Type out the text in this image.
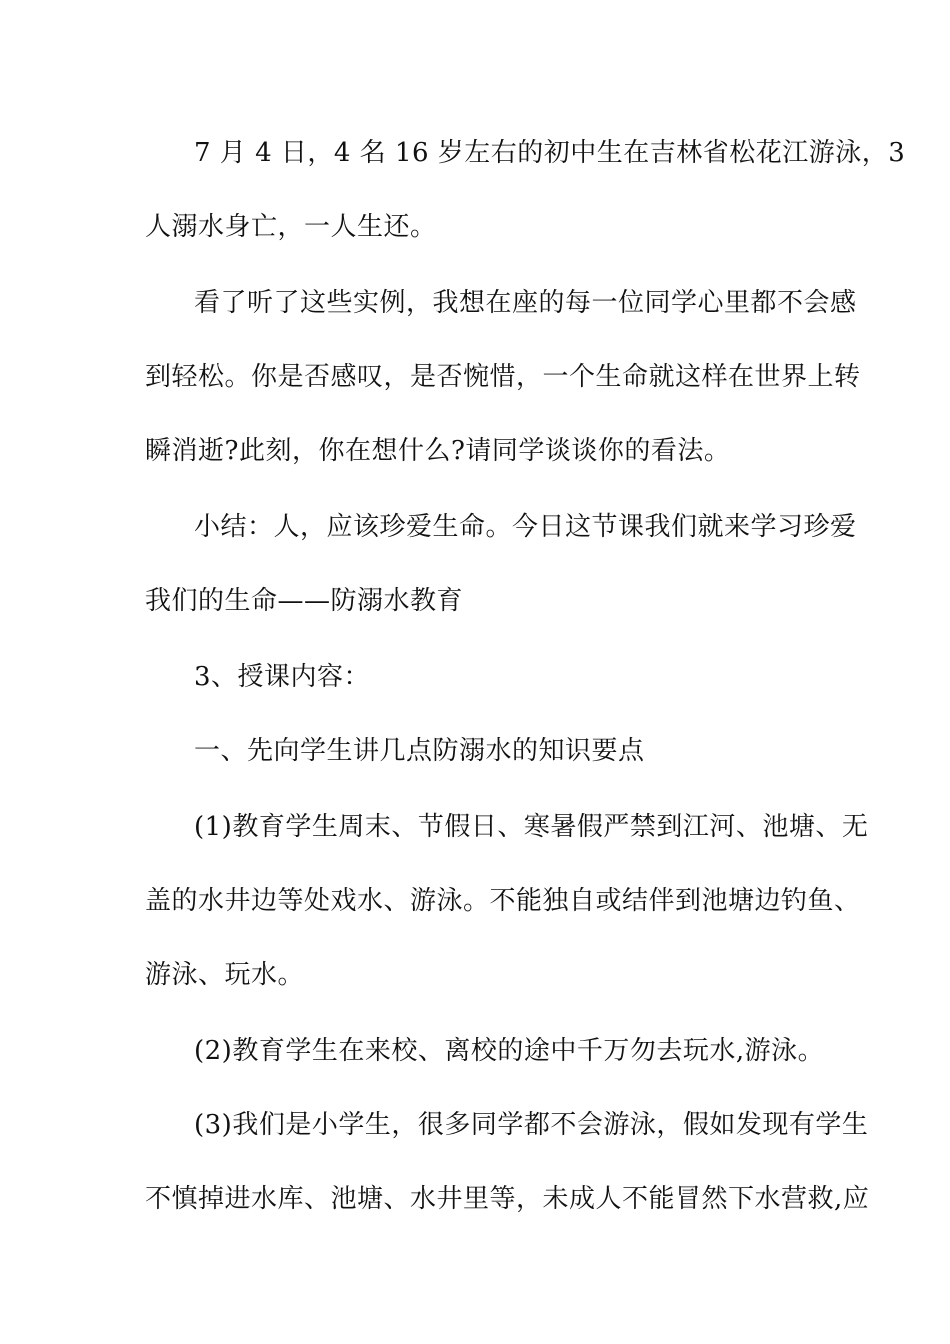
7 月 4 日，4 名 16 岁左右的初中生在吉林省松花江游泳，3
人溺水身亡，一人生还。
看了听了这些实例，我想在座的每一位同学心里都不会感
到轻松。你是否感叹，是否惋惜，一个生命就这样在世界上转
瞬消逝?此刻，你在想什么?请同学谈谈你的看法。
小结：人，应该珍爱生命。今日这节课我们就来学习珍爱
我们的生命——防溺水教育
3、授课内容：
一、先向学生讲几点防溺水的知识要点
(1)教育学生周末、节假日、寒暑假严禁到江河、池塘、无
盖的水井边等处戏水、游泳。不能独自或结伴到池塘边钓鱼、
游泳、玩水。
(2)教育学生在来校、离校的途中千万勿去玩水,游泳。
(3)我们是小学生，很多同学都不会游泳，假如发现有学生
不慎掉进水库、池塘、水井里等，未成人不能冒然下水营救,应
